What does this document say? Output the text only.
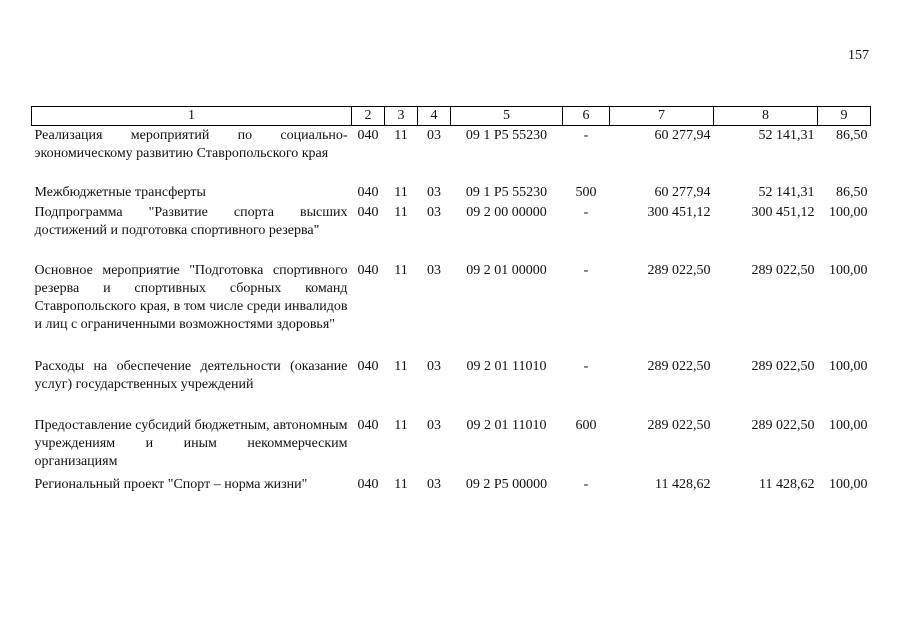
157
1	2	3	4	5	6	7	8	9
Реализация мероприятий по социально-экономическому развитию Ставропольского края	040	11	03	09 1 P5 55230	-	60 277,94	52 141,31	86,50
Межбюджетные трансферты	040	11	03	09 1 P5 55230	500	60 277,94	52 141,31	86,50
Подпрограмма "Развитие спорта высших достижений и подготовка спортивного резерва"	040	11	03	09 2 00 00000	-	300 451,12	300 451,12	100,00
Основное мероприятие "Подготовка спортивного резерва и спортивных сборных команд Ставропольского края, в том числе среди инвалидов и лиц с ограниченными возможностями здоровья"	040	11	03	09 2 01 00000	-	289 022,50	289 022,50	100,00
Расходы на обеспечение деятельности (оказание услуг) государственных учреждений	040	11	03	09 2 01 11010	-	289 022,50	289 022,50	100,00
Предоставление субсидий бюджетным, автономным учреждениям и иным некоммерческим организациям	040	11	03	09 2 01 11010	600	289 022,50	289 022,50	100,00
Региональный проект "Спорт – норма жизни"	040	11	03	09 2 P5 00000	-	11 428,62	11 428,62	100,00
